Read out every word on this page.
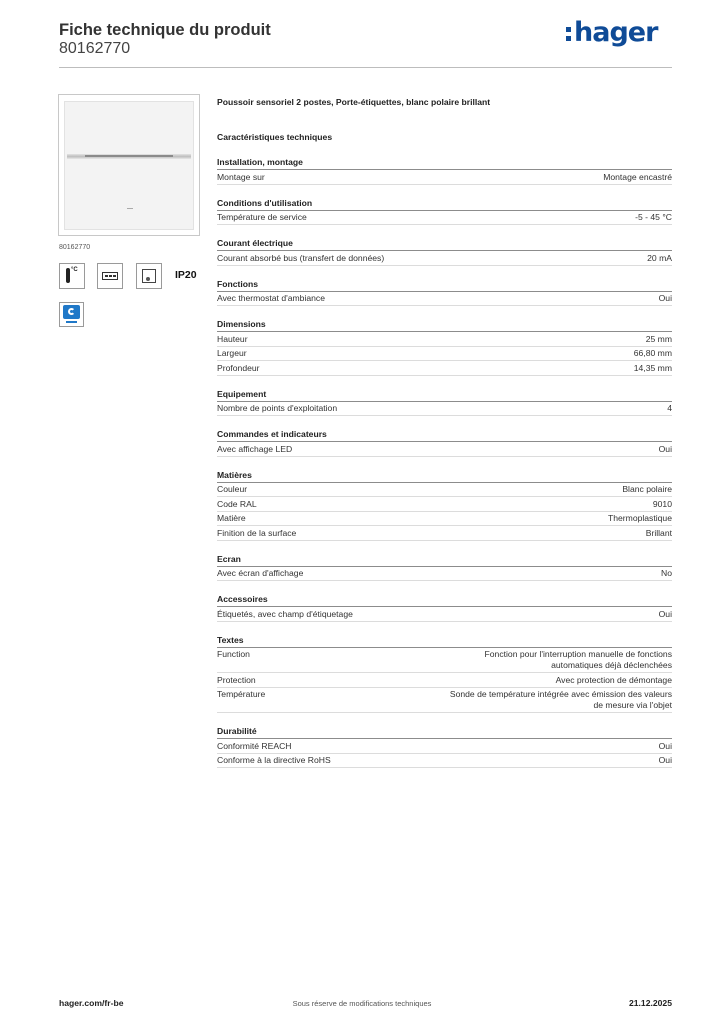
Fiche technique du produit
80162770
hager
80162770
°C	IP20
Poussoir sensoriel 2 postes, Porte-étiquettes, blanc polaire brillant
Caractéristiques techniques
Installation, montage
Montage sur	Montage encastré
Conditions d'utilisation
Température de service	-5 - 45 °C
Courant électrique
Courant absorbé bus (transfert de données)	20 mA
Fonctions
Avec thermostat d'ambiance	Oui
Dimensions
Hauteur	25 mm
Largeur	66,80 mm
Profondeur	14,35 mm
Equipement
Nombre de points d'exploitation	4
Commandes et indicateurs
Avec affichage LED	Oui
Matières
Couleur	Blanc polaire
Code RAL	9010
Matière	Thermoplastique
Finition de la surface	Brillant
Ecran
Avec écran d'affichage	No
Accessoires
Étiquetés, avec champ d'étiquetage	Oui
Textes
Function	Fonction pour l'interruption manuelle de fonctions automatiques déjà déclenchées
Protection	Avec protection de démontage
Température	Sonde de température intégrée avec émission des valeurs de mesure via l'objet
Durabilité
Conformité REACH	Oui
Conforme à la directive RoHS	Oui
hager.com/fr-be	Sous réserve de modifications techniques	21.12.2025
